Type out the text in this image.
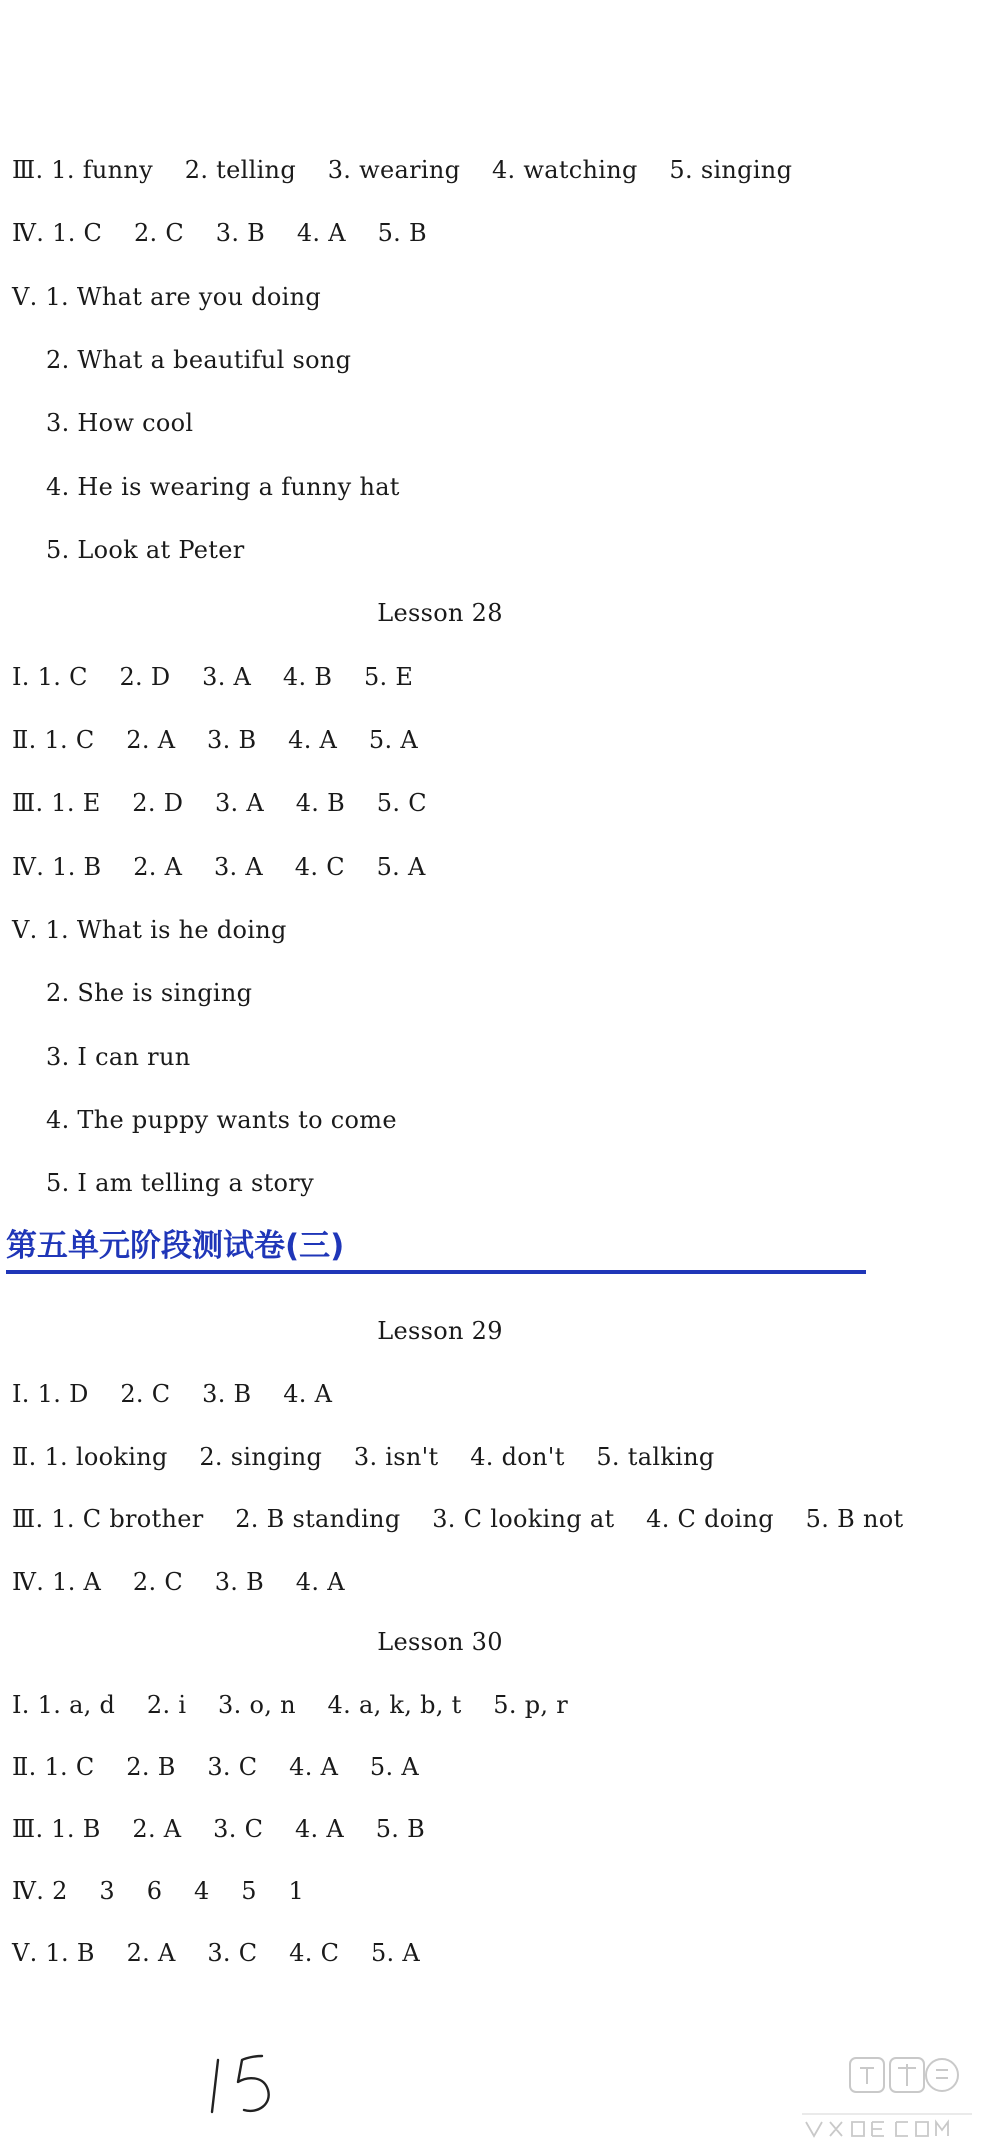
Ⅲ. 1. funny    2. telling    3. wearing    4. watching    5. singing
Ⅳ. 1. C    2. C    3. B    4. A    5. B
Ⅴ. 1. What are you doing
2. What a beautiful song
3. How cool
4. He is wearing a funny hat
5. Look at Peter
Lesson 28
Ⅰ. 1. C    2. D    3. A    4. B    5. E
Ⅱ. 1. C    2. A    3. B    4. A    5. A
Ⅲ. 1. E    2. D    3. A    4. B    5. C
Ⅳ. 1. B    2. A    3. A    4. C    5. A
Ⅴ. 1. What is he doing
2. She is singing
3. I can run
4. The puppy wants to come
5. I am telling a story
第五单元阶段测试卷(三)
Lesson 29
Ⅰ. 1. D    2. C    3. B    4. A
Ⅱ. 1. looking    2. singing    3. isn't    4. don't    5. talking
Ⅲ. 1. C brother    2. B standing    3. C looking at    4. C doing    5. B not
Ⅳ. 1. A    2. C    3. B    4. A
Lesson 30
Ⅰ. 1. a, d    2. i    3. o, n    4. a, k, b, t    5. p, r
Ⅱ. 1. C    2. B    3. C    4. A    5. A
Ⅲ. 1. B    2. A    3. C    4. A    5. B
Ⅳ. 2    3    6    4    5    1
Ⅴ. 1. B    2. A    3. C    4. C    5. A
